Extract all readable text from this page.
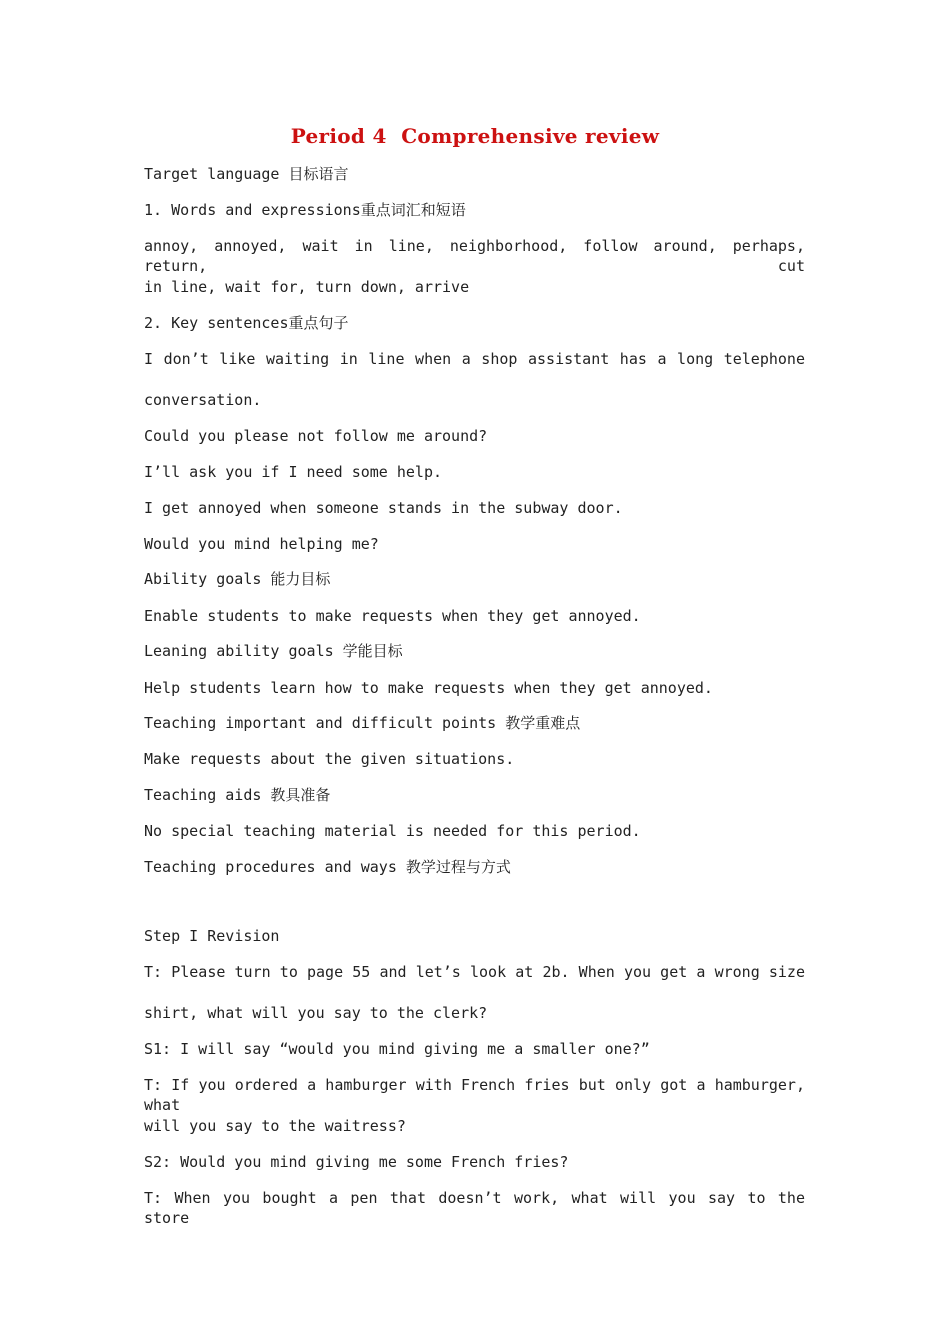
Period 4  Comprehensive review
Target language 目标语言
1. Words and expressions重点词汇和短语
annoy, annoyed, wait in line, neighborhood, follow around, perhaps, return, cut
in line, wait for, turn down, arrive
2. Key sentences重点句子
I don’t like waiting in line when a shop assistant has a long telephone
conversation.
Could you please not follow me around?
I’ll ask you if I need some help.
I get annoyed when someone stands in the subway door.
Would you mind helping me?
Ability goals 能力目标
Enable students to make requests when they get annoyed.
Leaning ability goals 学能目标
Help students learn how to make requests when they get annoyed.
Teaching important and difficult points 教学重难点
Make requests about the given situations.
Teaching aids 教具准备
No special teaching material is needed for this period.
Teaching procedures and ways 教学过程与方式
Step I Revision
T: Please turn to page 55 and let’s look at 2b. When you get a wrong size
shirt, what will you say to the clerk?
S1: I will say “would you mind giving me a smaller one?”
T: If you ordered a hamburger with French fries but only got a hamburger, what
will you say to the waitress?
S2: Would you mind giving me some French fries?
T: When you bought a pen that doesn’t work, what will you say to the store
